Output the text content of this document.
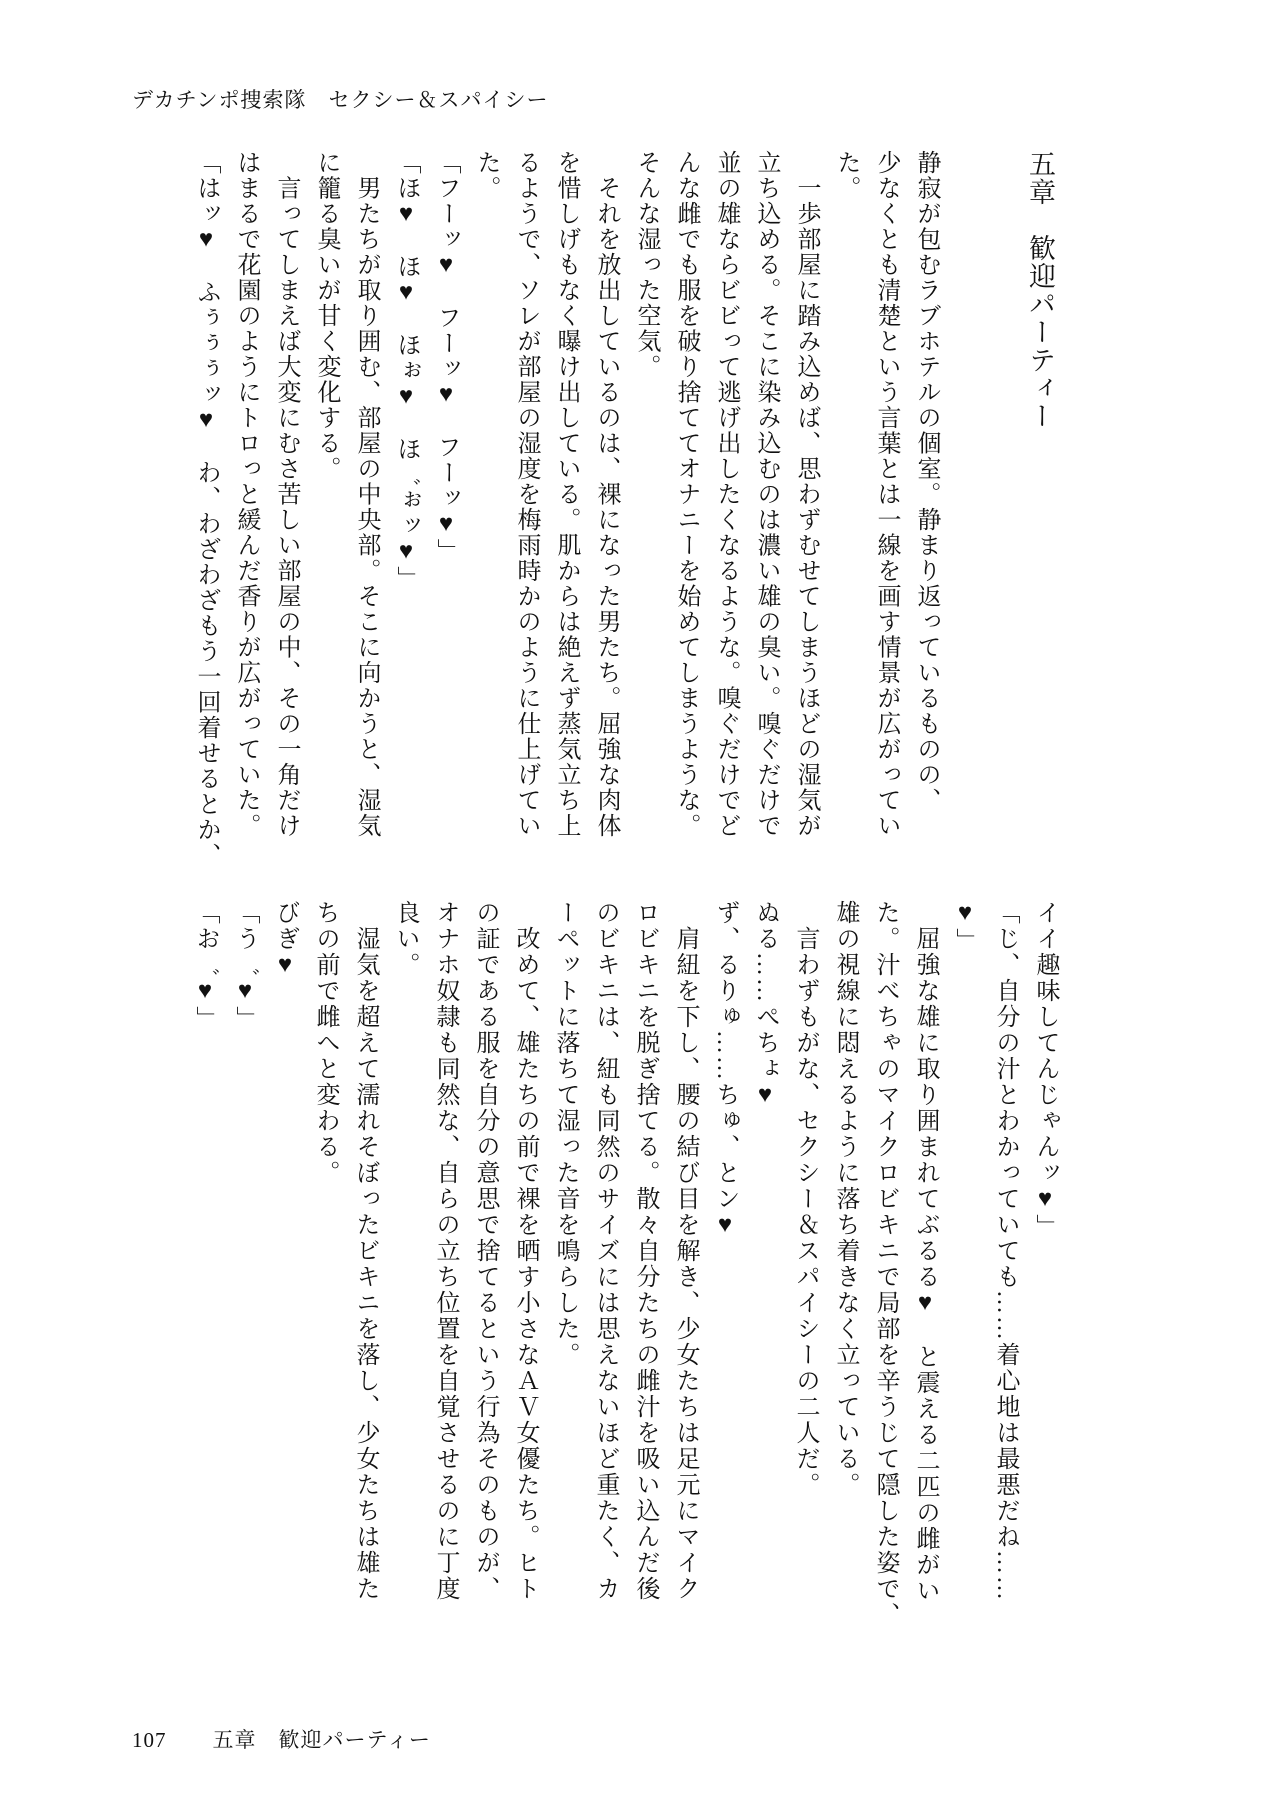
デカチンポ捜索隊　セクシー＆スパイシー
五章　歓迎パーティー
静寂が包むラブホテルの個室。静まり返っているものの、
少なくとも清楚という言葉とは一線を画す情景が広がってい
た。
　一歩部屋に踏み込めば、思わずむせてしまうほどの湿気が
立ち込める。そこに染み込むのは濃い雄の臭い。嗅ぐだけで
並の雄ならビビって逃げ出したくなるような。嗅ぐだけでど
んな雌でも服を破り捨ててオナニーを始めてしまうような。
そんな湿った空気。
　それを放出しているのは、裸になった男たち。屈強な肉体
を惜しげもなく曝け出している。肌からは絶えず蒸気立ち上
るようで、ソレが部屋の湿度を梅雨時かのように仕上げてい
た。
「フーッ♥　フーッ♥　フーッ♥」
「ほ♥　ほ♥　ほぉ♥　ほ゛ぉッ♥」
　男たちが取り囲む、部屋の中央部。そこに向かうと、湿気
に籠る臭いが甘く変化する。
　言ってしまえば大変にむさ苦しい部屋の中、その一角だけ
はまるで花園のようにトロっと緩んだ香りが広がっていた。
「はッ♥　ふぅぅぅッ♥　わ、わざわざもう一回着せるとか、
イイ趣味してんじゃんッ♥」
「じ、自分の汁とわかっていても……着心地は最悪だね……
♥」
　屈強な雄に取り囲まれてぶるる♥　と震える二匹の雌がい
た。汁べちゃのマイクロビキニで局部を辛うじて隠した姿で、
雄の視線に悶えるように落ち着きなく立っている。
　言わずもがな、セクシー＆スパイシーの二人だ。
ぬる……ぺちょ♥
ず、るりゅ……ちゅ、とン♥
　肩紐を下し、腰の結び目を解き、少女たちは足元にマイク
ロビキニを脱ぎ捨てる。散々自分たちの雌汁を吸い込んだ後
のビキニは、紐も同然のサイズには思えないほど重たく、カ
ーペットに落ちて湿った音を鳴らした。
　改めて、雄たちの前で裸を晒す小さなＡＶ女優たち。ヒト
の証である服を自分の意思で捨てるという行為そのものが、
オナホ奴隷も同然な、自らの立ち位置を自覚させるのに丁度
良い。
　湿気を超えて濡れそぼったビキニを落し、少女たちは雄た
ちの前で雌へと変わる。
びぎ♥
「う゛♥」
「お゛♥」
107 五章　歓迎パーティー
